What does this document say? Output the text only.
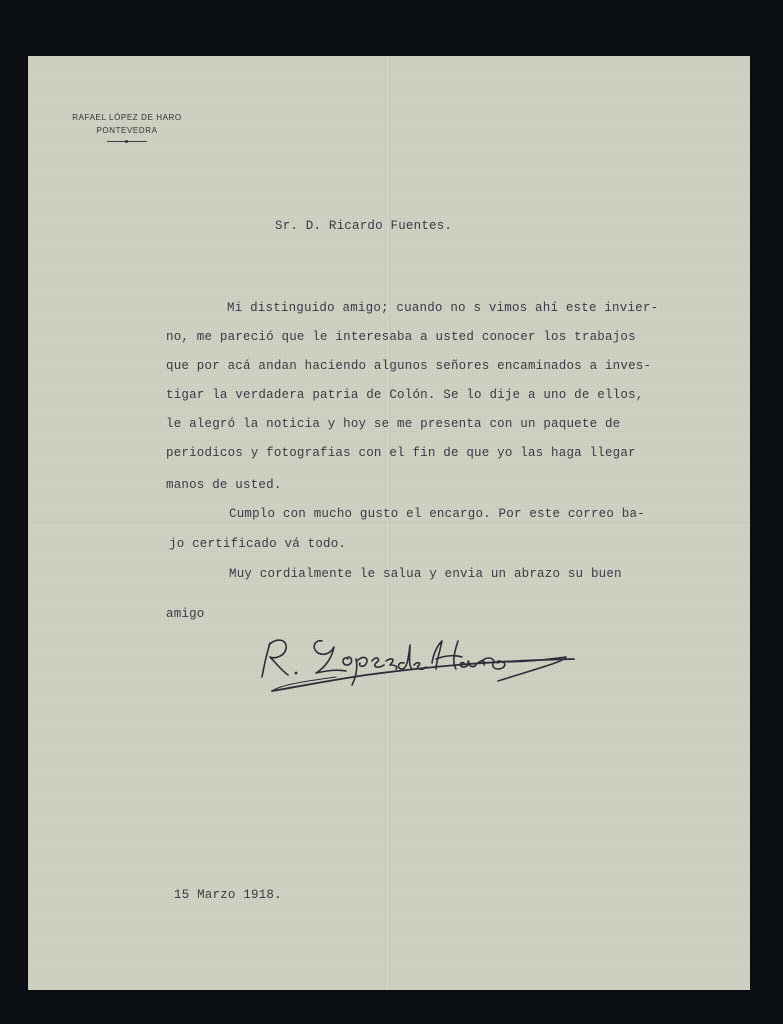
RAFAEL LÓPEZ DE HARO
PONTEVEDRA
Sr. D. Ricardo Fuentes.
Mi distinguido amigo; cuando no s vimos ahí este invier-
no, me pareció que le interesaba a usted conocer los trabajos
que por acá andan haciendo algunos señores encaminados a inves-
tigar la verdadera patria de Colón. Se lo dije a uno de ellos,
le alegró la noticia y hoy se me presenta con un paquete de
periodicos y fotografias con el fin de que yo las haga llegar
manos de usted.
Cumplo con mucho gusto el encargo. Por este correo ba-
jo certificado vá todo.
Muy cordialmente le salua y envia un abrazo su buen
amigo
15 Marzo 1918.
